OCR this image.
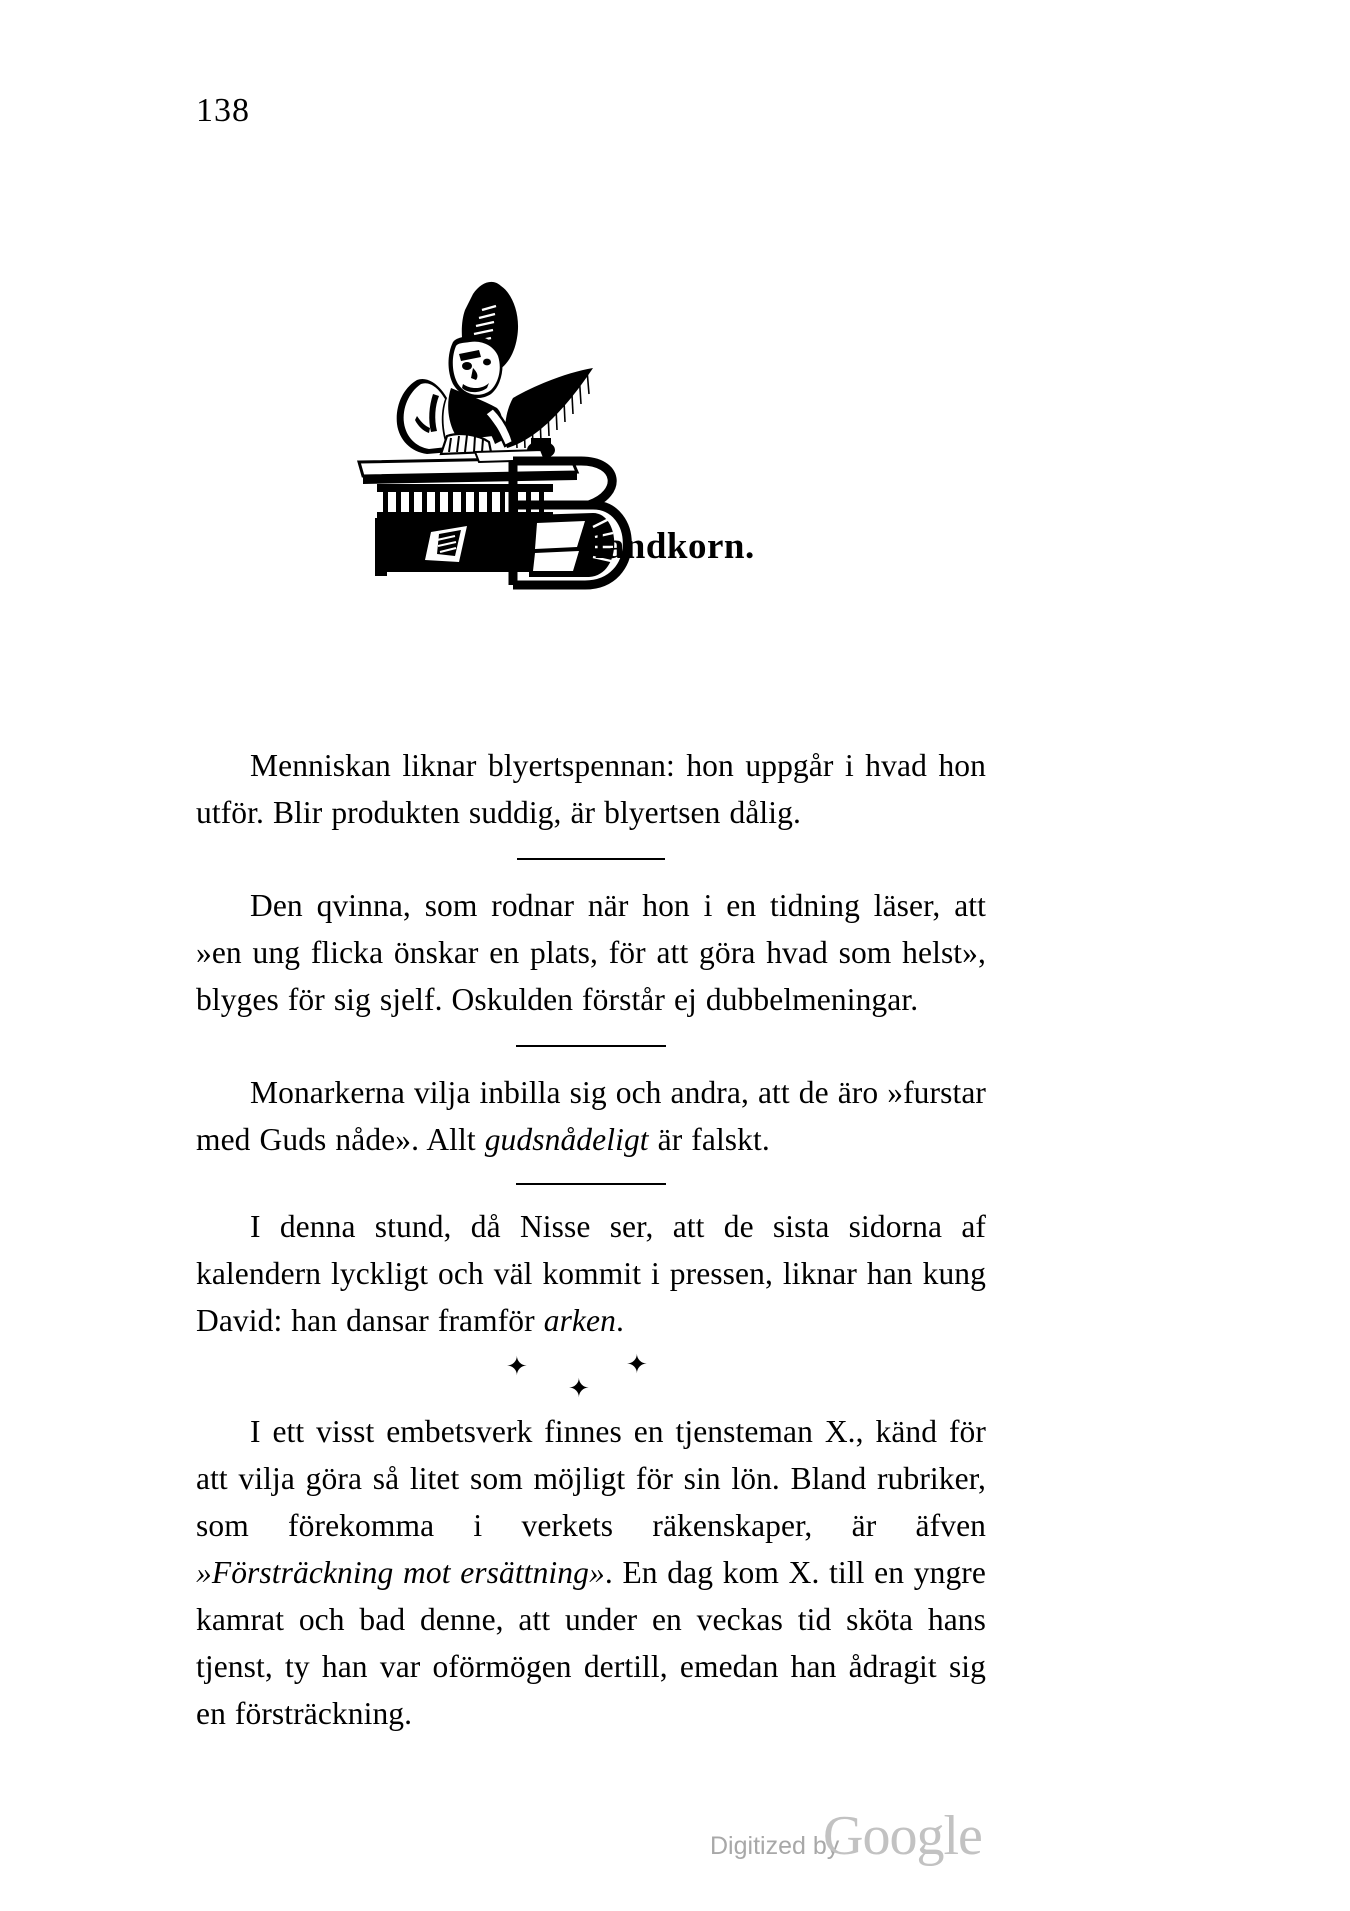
138
landkorn.

Menniskan liknar blyertspennan: hon uppgår i hvad hon utför. Blir produkten suddig, är blyertsen dålig.

Den qvinna, som rodnar när hon i en tidning läser, att »en ung flicka önskar en plats, för att göra hvad som helst», blyges för sig sjelf. Oskulden förstår ej dubbelmeningar.

Monarkerna vilja inbilla sig och andra, att de äro »furstar med Guds nåde». Allt gudsnådeligt är falskt.

I denna stund, då Nisse ser, att de sista sidorna af kalendern lyckligt och väl kommit i pressen, liknar han kung David: han dansar framför arken.

✦	✦
✦

I ett visst embetsverk finnes en tjensteman X., känd för att vilja göra så litet som möjligt för sin lön. Bland rubriker, som förekomma i verkets räkenskaper, är äfven »Försträckning mot ersättning». En dag kom X. till en yngre kamrat och bad denne, att under en veckas tid sköta hans tjenst, ty han var oförmögen dertill, emedan han ådragit sig en försträckning.

Digitized by
Google
